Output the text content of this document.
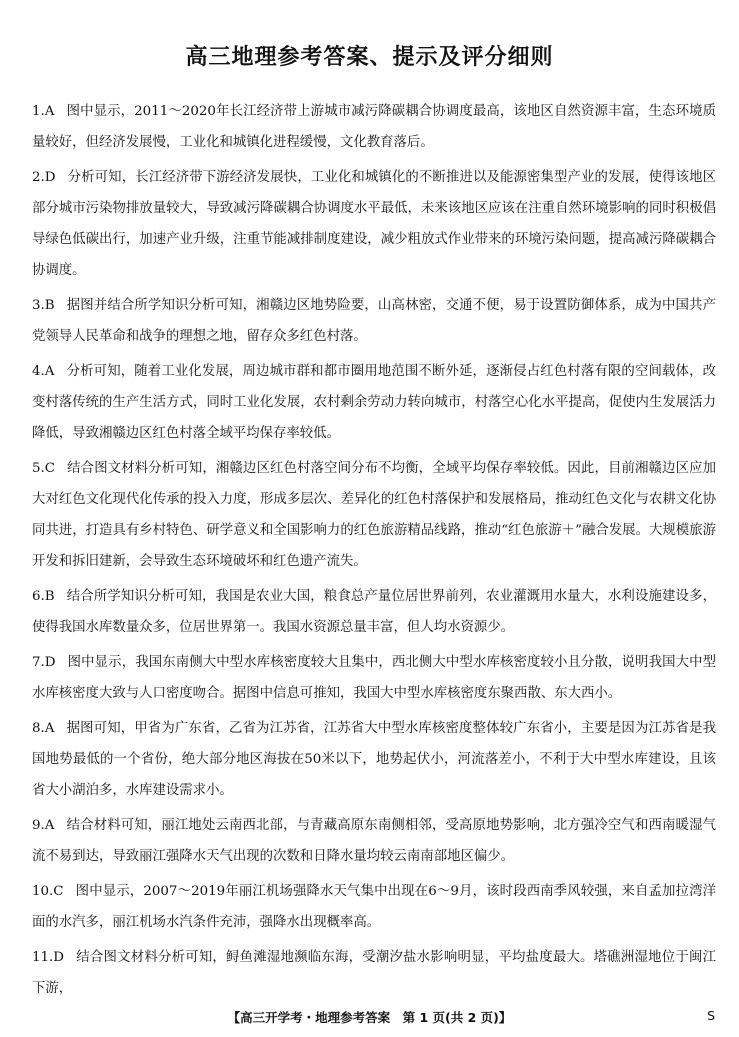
高三地理参考答案、提示及评分细则
1.A 图中显示，2011～2020年长江经济带上游城市减污降碳耦合协调度最高，该地区自然资源丰富，生态环境质量较好，但经济发展慢，工业化和城镇化进程缓慢，文化教育落后。
2.D 分析可知，长江经济带下游经济发展快，工业化和城镇化的不断推进以及能源密集型产业的发展，使得该地区部分城市污染物排放量较大，导致减污降碳耦合协调度水平最低，未来该地区应该在注重自然环境影响的同时积极倡导绿色低碳出行，加速产业升级，注重节能减排制度建设，减少粗放式作业带来的环境污染问题，提高减污降碳耦合协调度。
3.B 据图并结合所学知识分析可知，湘赣边区地势险要，山高林密，交通不便，易于设置防御体系，成为中国共产党领导人民革命和战争的理想之地，留存众多红色村落。
4.A 分析可知，随着工业化发展，周边城市群和都市圈用地范围不断外延，逐渐侵占红色村落有限的空间载体，改变村落传统的生产生活方式，同时工业化发展，农村剩余劳动力转向城市，村落空心化水平提高，促使内生发展活力降低，导致湘赣边区红色村落全域平均保存率较低。
5.C 结合图文材料分析可知，湘赣边区红色村落空间分布不均衡，全域平均保存率较低。因此，目前湘赣边区应加大对红色文化现代化传承的投入力度，形成多层次、差异化的红色村落保护和发展格局，推动红色文化与农耕文化协同共进，打造具有乡村特色、研学意义和全国影响力的红色旅游精品线路，推动“红色旅游＋”融合发展。大规模旅游开发和拆旧建新，会导致生态环境破坏和红色遗产流失。
6.B 结合所学知识分析可知，我国是农业大国，粮食总产量位居世界前列，农业灌溉用水量大，水利设施建设多，使得我国水库数量众多，位居世界第一。我国水资源总量丰富，但人均水资源少。
7.D 图中显示，我国东南侧大中型水库核密度较大且集中，西北侧大中型水库核密度较小且分散，说明我国大中型水库核密度大致与人口密度吻合。据图中信息可推知，我国大中型水库核密度东聚西散、东大西小。
8.A 据图可知，甲省为广东省，乙省为江苏省，江苏省大中型水库核密度整体较广东省小，主要是因为江苏省是我国地势最低的一个省份，绝大部分地区海拔在50米以下，地势起伏小，河流落差小，不利于大中型水库建设，且该省大小湖泊多，水库建设需求小。
9.A 结合材料可知，丽江地处云南西北部，与青藏高原东南侧相邻，受高原地势影响，北方强冷空气和西南暖湿气流不易到达，导致丽江强降水天气出现的次数和日降水量均较云南南部地区偏少。
10.C 图中显示，2007～2019年丽江机场强降水天气集中出现在6～9月，该时段西南季风较强，来自孟加拉湾洋面的水汽多，丽江机场水汽条件充沛，强降水出现概率高。
11.D 结合图文材料分析可知，鲟鱼滩湿地濒临东海，受潮汐盐水影响明显，平均盐度最大。塔礁洲湿地位于闽江下游，
【高三开学考・地理参考答案　第 1 页(共 2 页)】	S
